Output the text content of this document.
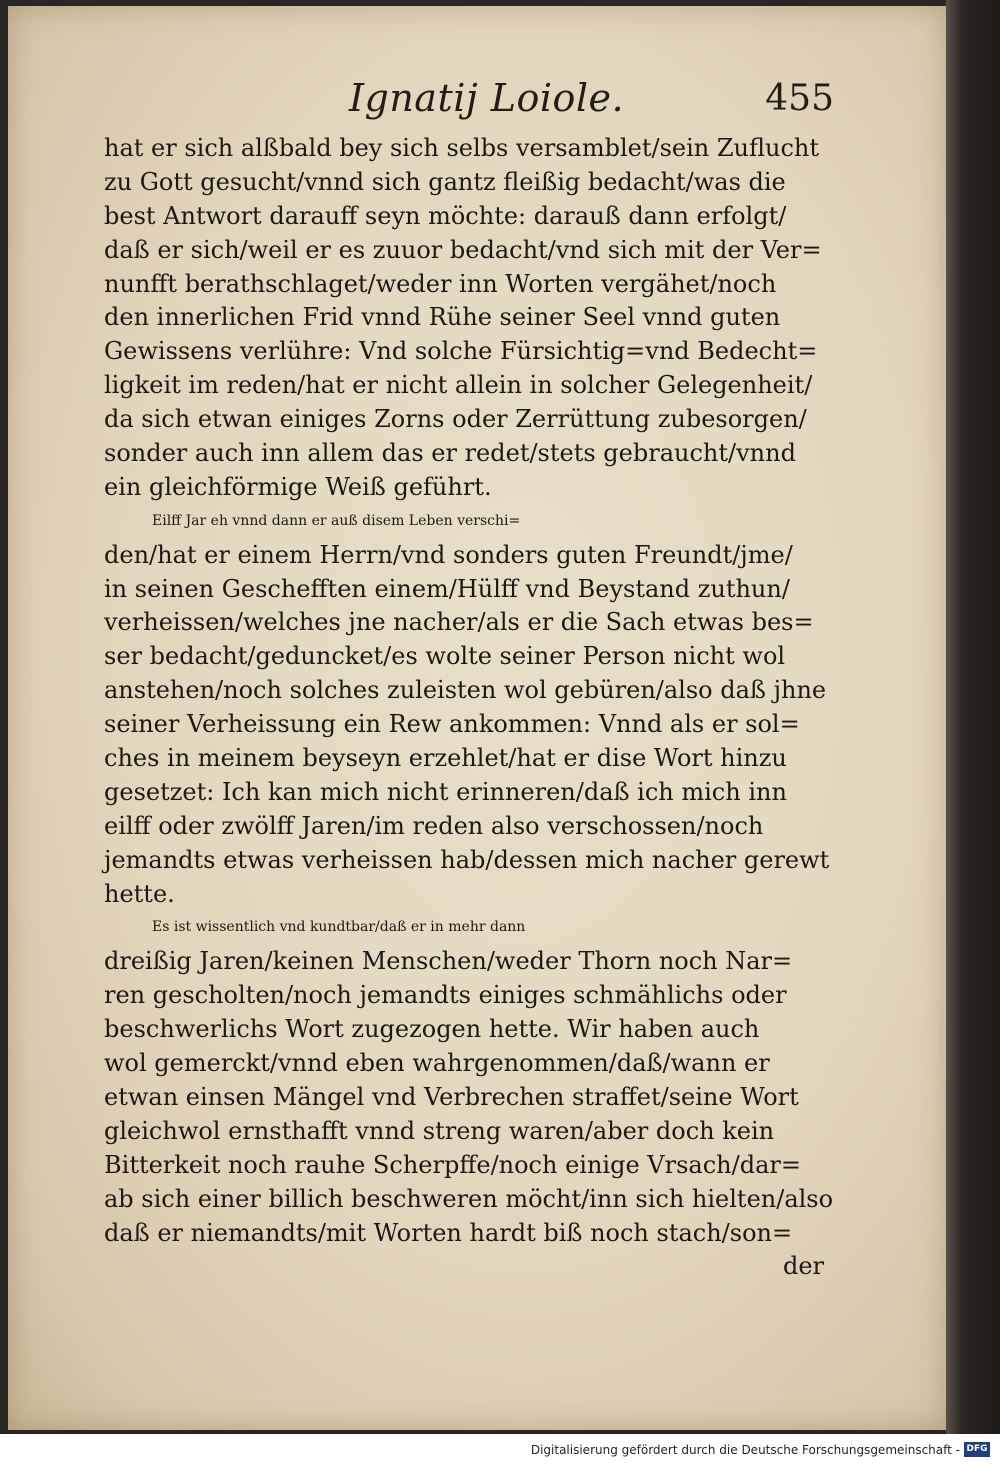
Ignatij Loiole.	455
hat er sich alßbald bey sich selbs versamblet/sein Zuflucht
zu Gott gesucht/vnnd sich gantz fleißig bedacht/was die
best Antwort darauff seyn möchte: darauß dann erfolgt/
daß er sich/weil er es zuuor bedacht/vnd sich mit der Ver=
nunfft berathschlaget/weder inn Worten vergähet/noch
den innerlichen Frid vnnd Rühe seiner Seel vnnd guten
Gewissens verlühre: Vnd solche Fürsichtig=vnd Bedecht=
ligkeit im reden/hat er nicht allein in solcher Gelegenheit/
da sich etwan einiges Zorns oder Zerrüttung zubesorgen/
sonder auch inn allem das er redet/stets gebraucht/vnnd
ein gleichförmige Weiß geführt.
Eilff Jar eh vnnd dann er auß disem Leben verschi=
den/hat er einem Herrn/vnd sonders guten Freundt/jme/
in seinen Geschefften einem/Hülff vnd Beystand zuthun/
verheissen/welches jne nacher/als er die Sach etwas bes=
ser bedacht/geduncket/es wolte seiner Person nicht wol
anstehen/noch solches zuleisten wol gebüren/also daß jhne
seiner Verheissung ein Rew ankommen: Vnnd als er sol=
ches in meinem beyseyn erzehlet/hat er dise Wort hinzu
gesetzet: Ich kan mich nicht erinneren/daß ich mich inn
eilff oder zwölff Jaren/im reden also verschossen/noch
jemandts etwas verheissen hab/dessen mich nacher gerewt
hette.
Es ist wissentlich vnd kundtbar/daß er in mehr dann
dreißig Jaren/keinen Menschen/weder Thorn noch Nar=
ren gescholten/noch jemandts einiges schmählichs oder
beschwerlichs Wort zugezogen hette. Wir haben auch
wol gemerckt/vnnd eben wahrgenommen/daß/wann er
etwan einsen Mängel vnd Verbrechen straffet/seine Wort
gleichwol ernsthafft vnnd streng waren/aber doch kein
Bitterkeit noch rauhe Scherpffe/noch einige Vrsach/dar=
ab sich einer billich beschweren möcht/inn sich hielten/also
daß er niemandts/mit Worten hardt biß noch stach/son=
der
Digitalisierung gefördert durch die Deutsche Forschungsgemeinschaft - DFG
